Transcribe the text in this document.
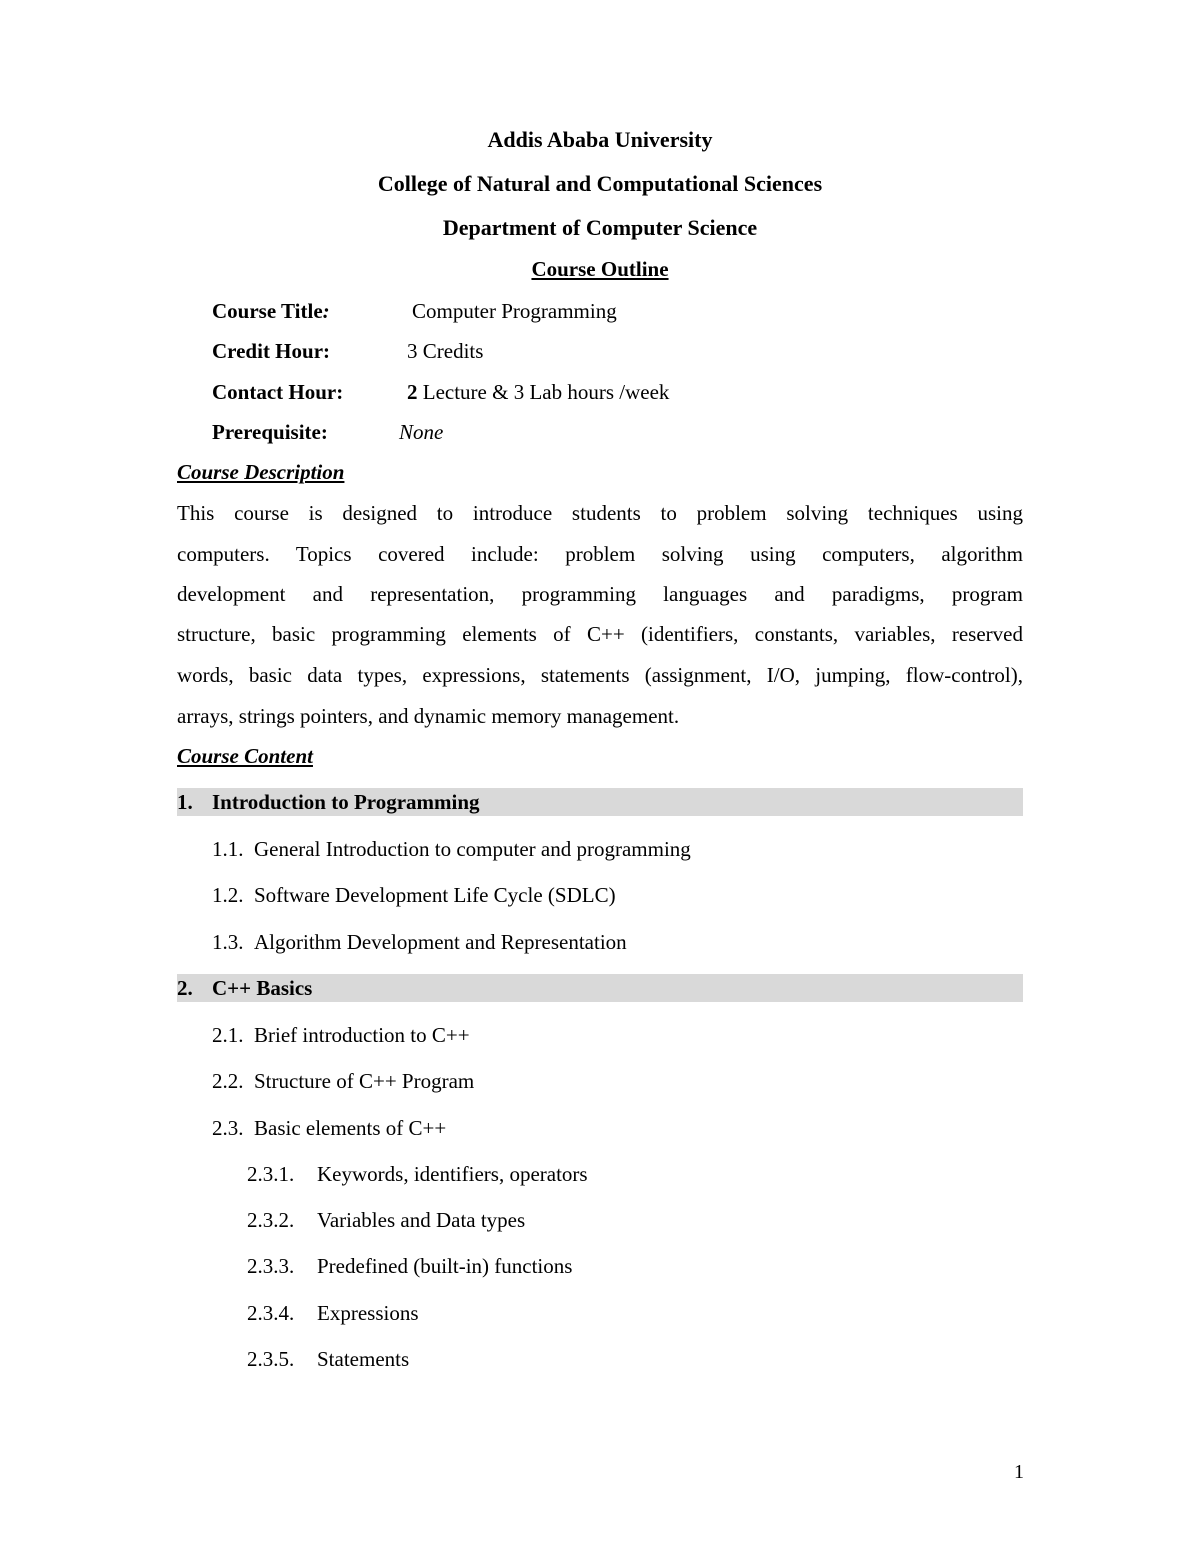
Addis Ababa University
College of Natural and Computational Sciences
Department of Computer Science
Course Outline
Course Title:	Computer Programming
Credit Hour:	3 Credits
Contact Hour:	2 Lecture & 3 Lab hours /week
Prerequisite:	None
Course Description
This course is designed to introduce students to problem solving techniques using
computers. Topics covered include: problem solving using computers, algorithm
development and representation, programming languages and paradigms, program
structure, basic programming elements of C++ (identifiers, constants, variables, reserved
words, basic data types, expressions, statements (assignment, I/O, jumping, flow-control),
arrays, strings pointers, and dynamic memory management.
Course Content
1. Introduction to Programming
1.1. General Introduction to computer and programming
1.2. Software Development Life Cycle (SDLC)
1.3. Algorithm Development and Representation
2. C++ Basics
2.1. Brief introduction to C++
2.2. Structure of C++ Program
2.3. Basic elements of C++
2.3.1. Keywords, identifiers, operators
2.3.2. Variables and Data types
2.3.3. Predefined (built-in) functions
2.3.4. Expressions
2.3.5. Statements
1
